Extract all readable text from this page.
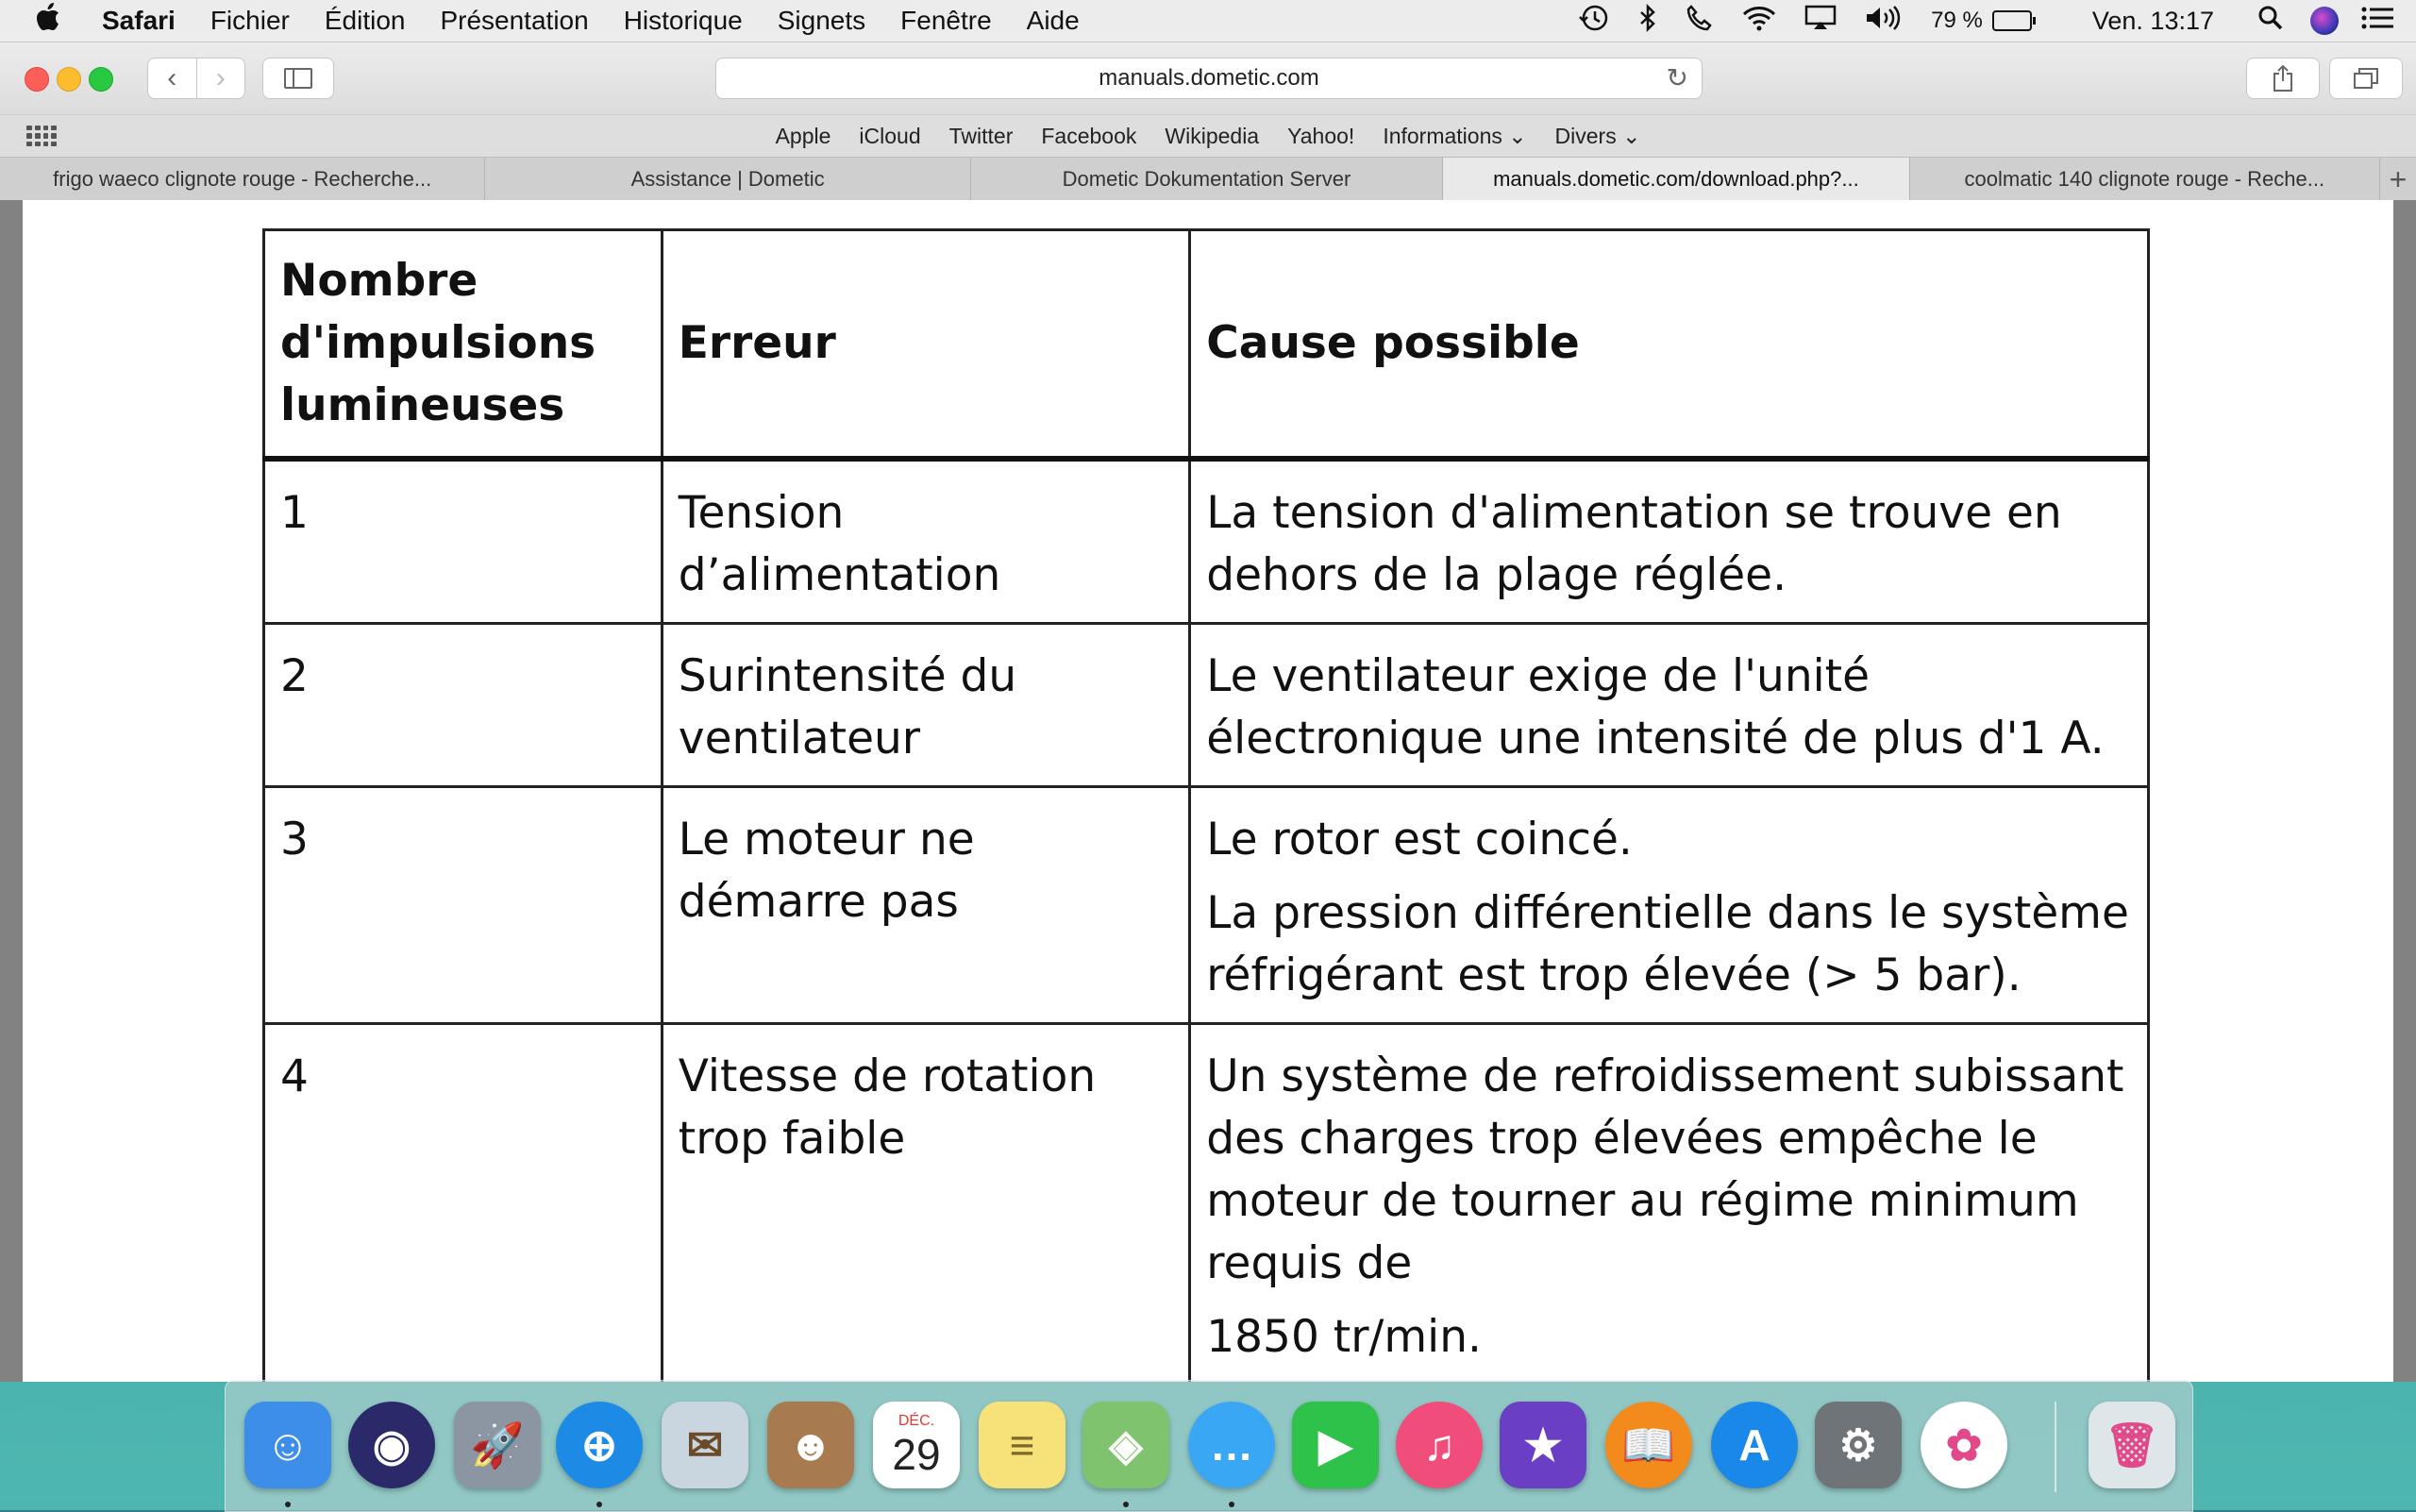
Safari Fichier Édition Présentation Historique Signets Fenêtre Aide	79 %	Ven. 13:17
‹ ›	manuals.dometic.com	↻
Apple iCloud Twitter Facebook Wikipedia Yahoo! Informations ⌄ Divers ⌄
frigo waeco clignote rouge - Recherche...	Assistance | Dometic	Dometic Dokumentation Server	manuals.dometic.com/download.php?...	coolmatic 140 clignote rouge - Reche...	+
Nombre d'impulsions lumineuses	Erreur	Cause possible
1	Tension d’alimentation	La tension d'alimentation se trouve en dehors de la plage réglée.

2	Surintensité du ventilateur	Le ventilateur exige de l'unité électronique une intensité de plus d'1 A.

3	Le moteur ne démarre pas	Le rotor est coincé.

La pression différentielle dans le système réfrigérant est trop élevée (> 5 bar).

4	Vitesse de rotation trop faible	Un système de refroidissement subissant des charges trop élevées empêche le moteur de tourner au régime minimum requis de

1850 tr/min.

☺	◉	🚀	⊕	✉	☻	DÉC.
29	≡	◈	…	▶	♫	★	📖	A	⚙	✿	🗑
